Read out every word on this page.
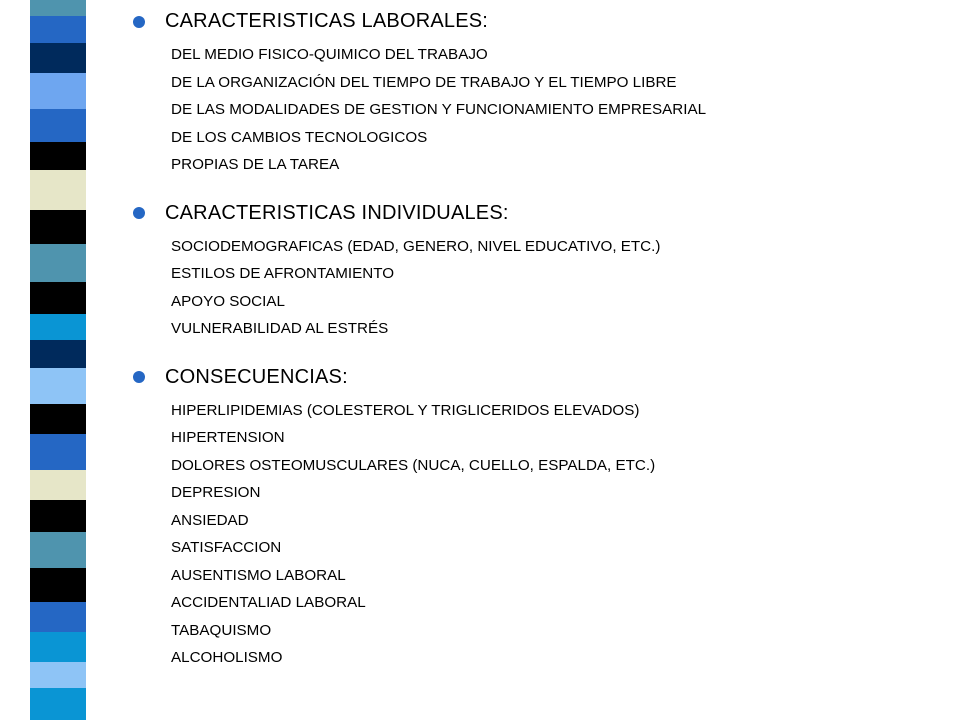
CARACTERISTICAS LABORALES:
DEL MEDIO FISICO-QUIMICO DEL TRABAJO
DE LA ORGANIZACIÓN DEL TIEMPO DE TRABAJO Y EL TIEMPO LIBRE
DE LAS MODALIDADES DE GESTION Y FUNCIONAMIENTO EMPRESARIAL
DE LOS CAMBIOS TECNOLOGICOS
PROPIAS DE LA TAREA
CARACTERISTICAS INDIVIDUALES:
SOCIODEMOGRAFICAS (EDAD, GENERO, NIVEL EDUCATIVO, ETC.)
ESTILOS DE AFRONTAMIENTO
APOYO SOCIAL
VULNERABILIDAD AL ESTRÉS
CONSECUENCIAS:
HIPERLIPIDEMIAS (COLESTEROL Y TRIGLICERIDOS ELEVADOS)
HIPERTENSION
DOLORES OSTEOMUSCULARES (NUCA, CUELLO, ESPALDA, ETC.)
DEPRESION
ANSIEDAD
SATISFACCION
AUSENTISMO LABORAL
ACCIDENTALIAD LABORAL
TABAQUISMO
ALCOHOLISMO
